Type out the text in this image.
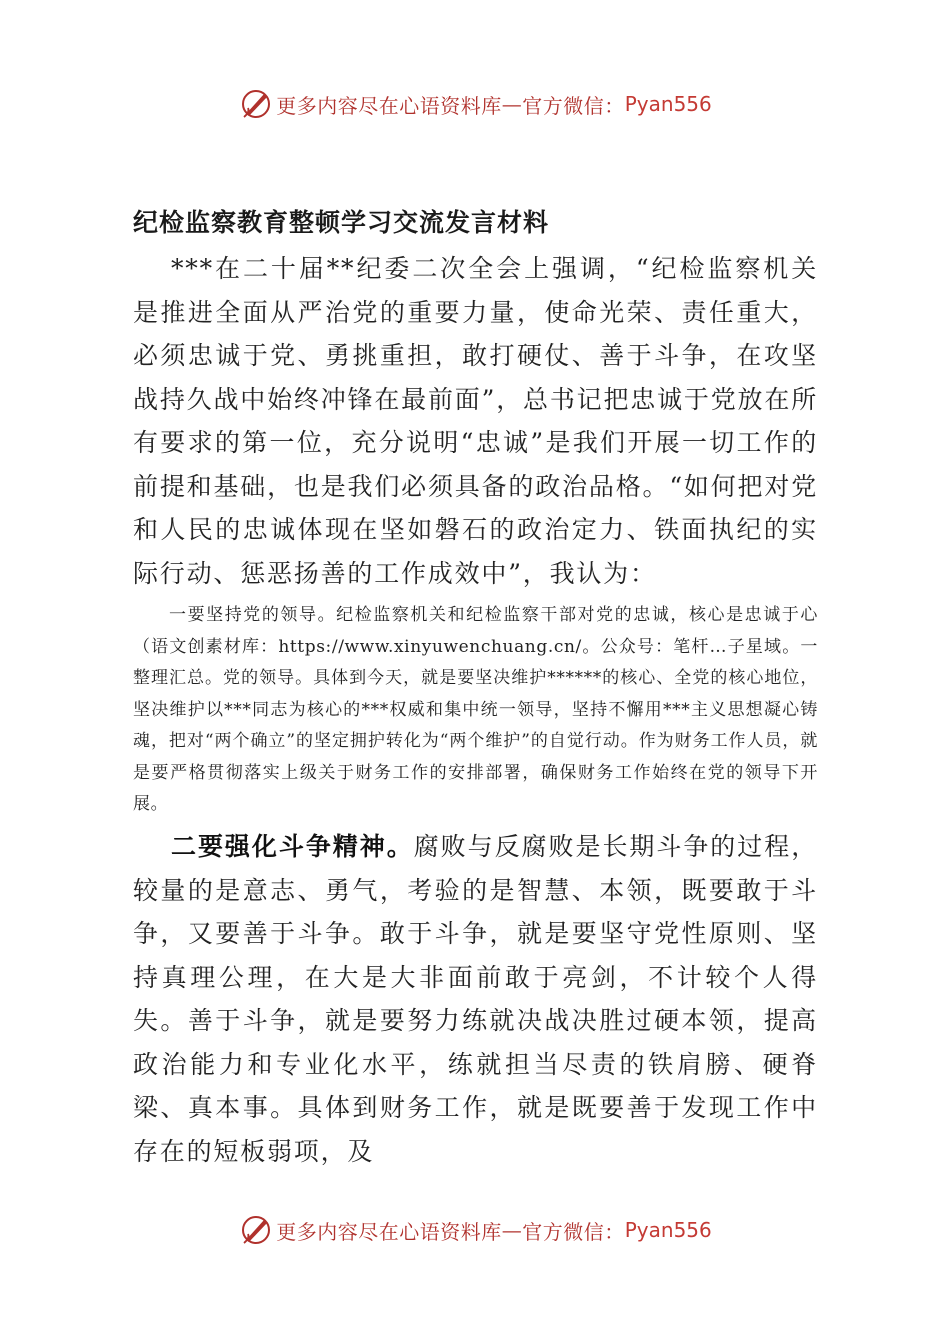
更多内容尽在心语资料库 — 官方微信： Pyan556
纪检监察教育整顿学习交流发言材料
***在二十届**纪委二次全会上强调，“纪检监察机关是推进全面从严治党的重要力量，使命光荣、责任重大，必须忠诚于党、勇挑重担，敢打硬仗、善于斗争，在攻坚战持久战中始终冲锋在最前面”，总书记把忠诚于党放在所有要求的第一位，充分说明“忠诚”是我们开展一切工作的前提和基础，也是我们必须具备的政治品格。“如何把对党和人民的忠诚体现在坚如磐石的政治定力、铁面执纪的实际行动、惩恶扬善的工作成效中”，我认为：
一要坚持党的领导。纪检监察机关和纪检监察干部对党的忠诚，核心是忠诚于心（语文创素材库：https://www.xinyuwenchuang.cn/。公众号：笔杆…子星域。一整理汇总。党的领导。具体到今天，就是要坚决维护******的核心、全党的核心地位，坚决维护以***同志为核心的***权威和集中统一领导，坚持不懈用***主义思想凝心铸魂，把对“两个确立”的坚定拥护转化为“两个维护”的自觉行动。作为财务工作人员，就是要严格贯彻落实上级关于财务工作的安排部署，确保财务工作始终在党的领导下开展。
二要强化斗争精神。腐败与反腐败是长期斗争的过程，较量的是意志、勇气，考验的是智慧、本领，既要敢于斗争，又要善于斗争。敢于斗争，就是要坚守党性原则、坚持真理公理，在大是大非面前敢于亮剑，不计较个人得失。善于斗争，就是要努力练就决战决胜过硬本领，提高政治能力和专业化水平，练就担当尽责的铁肩膀、硬脊梁、真本事。具体到财务工作，就是既要善于发现工作中存在的短板弱项，及
更多内容尽在心语资料库 — 官方微信： Pyan556
